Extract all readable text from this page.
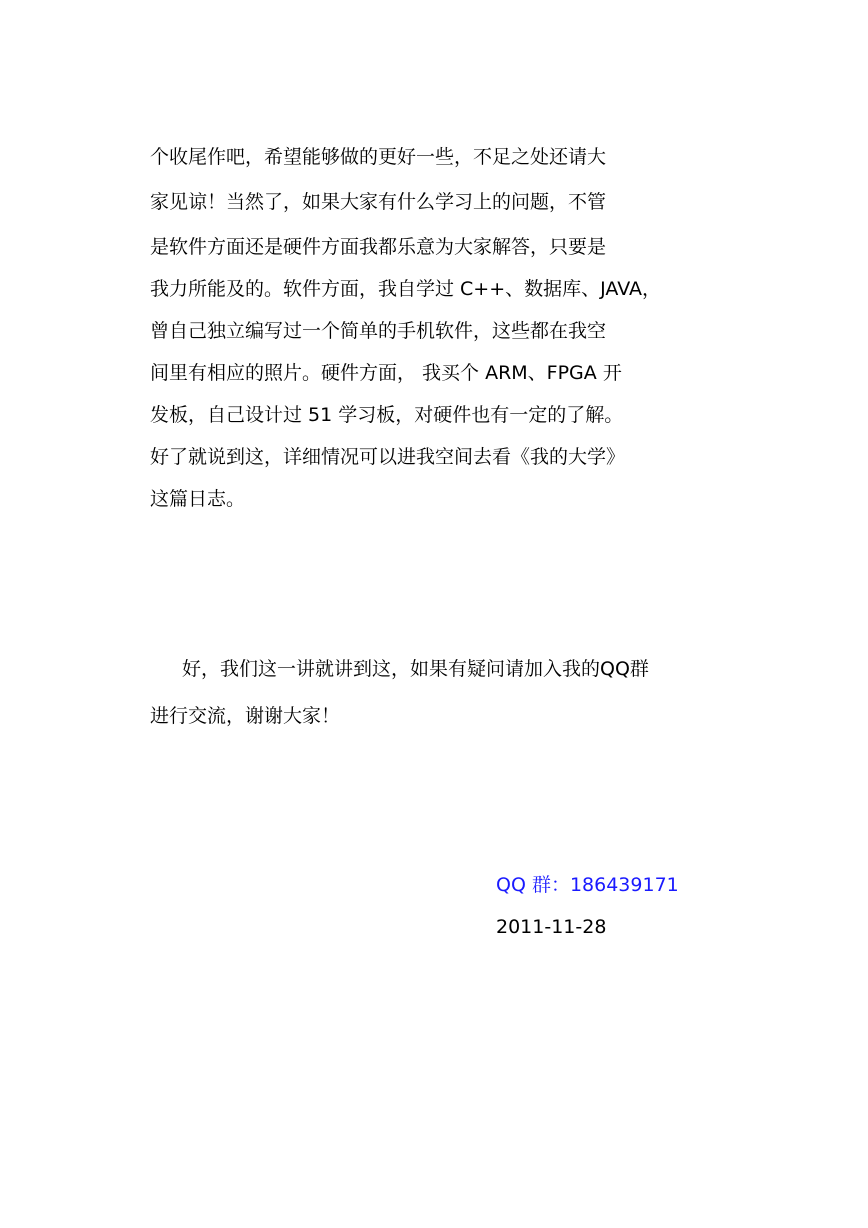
个收尾作吧，希望能够做的更好一些，不足之处还请大
家见谅！当然了，如果大家有什么学习上的问题，不管
是软件方面还是硬件方面我都乐意为大家解答，只要是
我力所能及的。软件方面，我自学过 C++、数据库、JAVA，
曾自己独立编写过一个简单的手机软件，这些都在我空
间里有相应的照片。硬件方面， 我买个 ARM、FPGA 开
发板，自己设计过 51 学习板，对硬件也有一定的了解。
好了就说到这，详细情况可以进我空间去看《我的大学》
这篇日志。
好，我们这一讲就讲到这，如果有疑问请加入我的QQ群
进行交流，谢谢大家！
QQ 群：186439171
2011-11-28
